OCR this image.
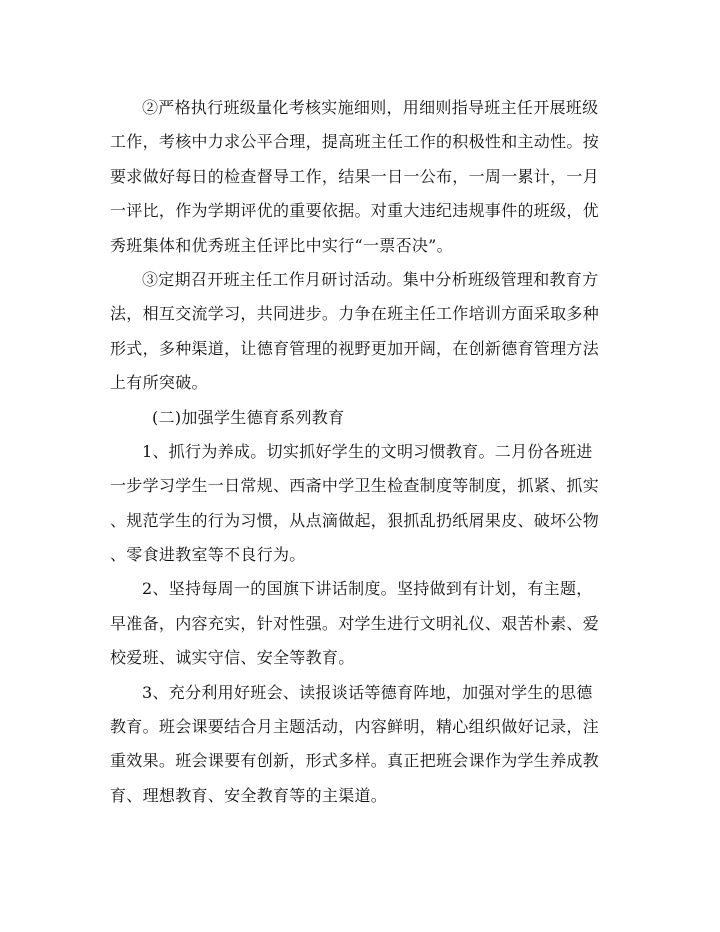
②严格执行班级量化考核实施细则，用细则指导班主任开展班级
工作，考核中力求公平合理，提高班主任工作的积极性和主动性。按
要求做好每日的检查督导工作，结果一日一公布，一周一累计，一月
一评比，作为学期评优的重要依据。对重大违纪违规事件的班级，优
秀班集体和优秀班主任评比中实行“一票否决”。
③定期召开班主任工作月研讨活动。集中分析班级管理和教育方
法，相互交流学习，共同进步。力争在班主任工作培训方面采取多种
形式，多种渠道，让德育管理的视野更加开阔，在创新德育管理方法
上有所突破。
(二)加强学生德育系列教育
1、抓行为养成。切实抓好学生的文明习惯教育。二月份各班进
一步学习学生一日常规、西斋中学卫生检查制度等制度，抓紧、抓实
、规范学生的行为习惯，从点滴做起，狠抓乱扔纸屑果皮、破坏公物
、零食进教室等不良行为。
2、坚持每周一的国旗下讲话制度。坚持做到有计划，有主题，
早准备，内容充实，针对性强。对学生进行文明礼仪、艰苦朴素、爱
校爱班、诚实守信、安全等教育。
3、充分利用好班会、读报谈话等德育阵地，加强对学生的思德
教育。班会课要结合月主题活动，内容鲜明，精心组织做好记录，注
重效果。班会课要有创新，形式多样。真正把班会课作为学生养成教
育、理想教育、安全教育等的主渠道。
